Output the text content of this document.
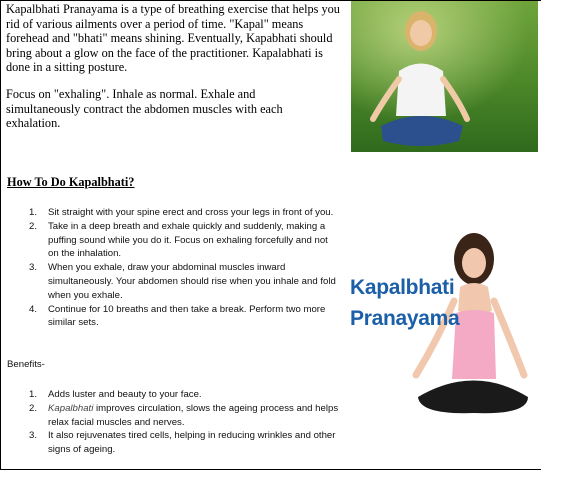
Kapalbhati Pranayama is a type of breathing exercise that helps you rid of various ailments over a period of time. "Kapal" means forehead and "bhati" means shining. Eventually, Kapabhati should bring about a glow on the face of the practitioner. Kapalabhati is done in a sitting posture.

Focus on "exhaling". Inhale as normal. Exhale and simultaneously contract the abdomen muscles with each exhalation.

How To Do Kapalbhati?
1. Sit straight with your spine erect and cross your legs in front of you.
2. Take in a deep breath and exhale quickly and suddenly, making a puffing sound while you do it. Focus on exhaling forcefully and not on the inhalation.
3. When you exhale, draw your abdominal muscles inward simultaneously. Your abdomen should rise when you inhale and fold when you exhale.
4. Continue for 10 breaths and then take a break. Perform two more similar sets.
Benefits-
1. Adds luster and beauty to your face.
2. Kapalbhati improves circulation, slows the ageing process and helps relax facial muscles and nerves.
3. It also rejuvenates tired cells, helping in reducing wrinkles and other signs of ageing.
Kapalbhati
Pranayama
